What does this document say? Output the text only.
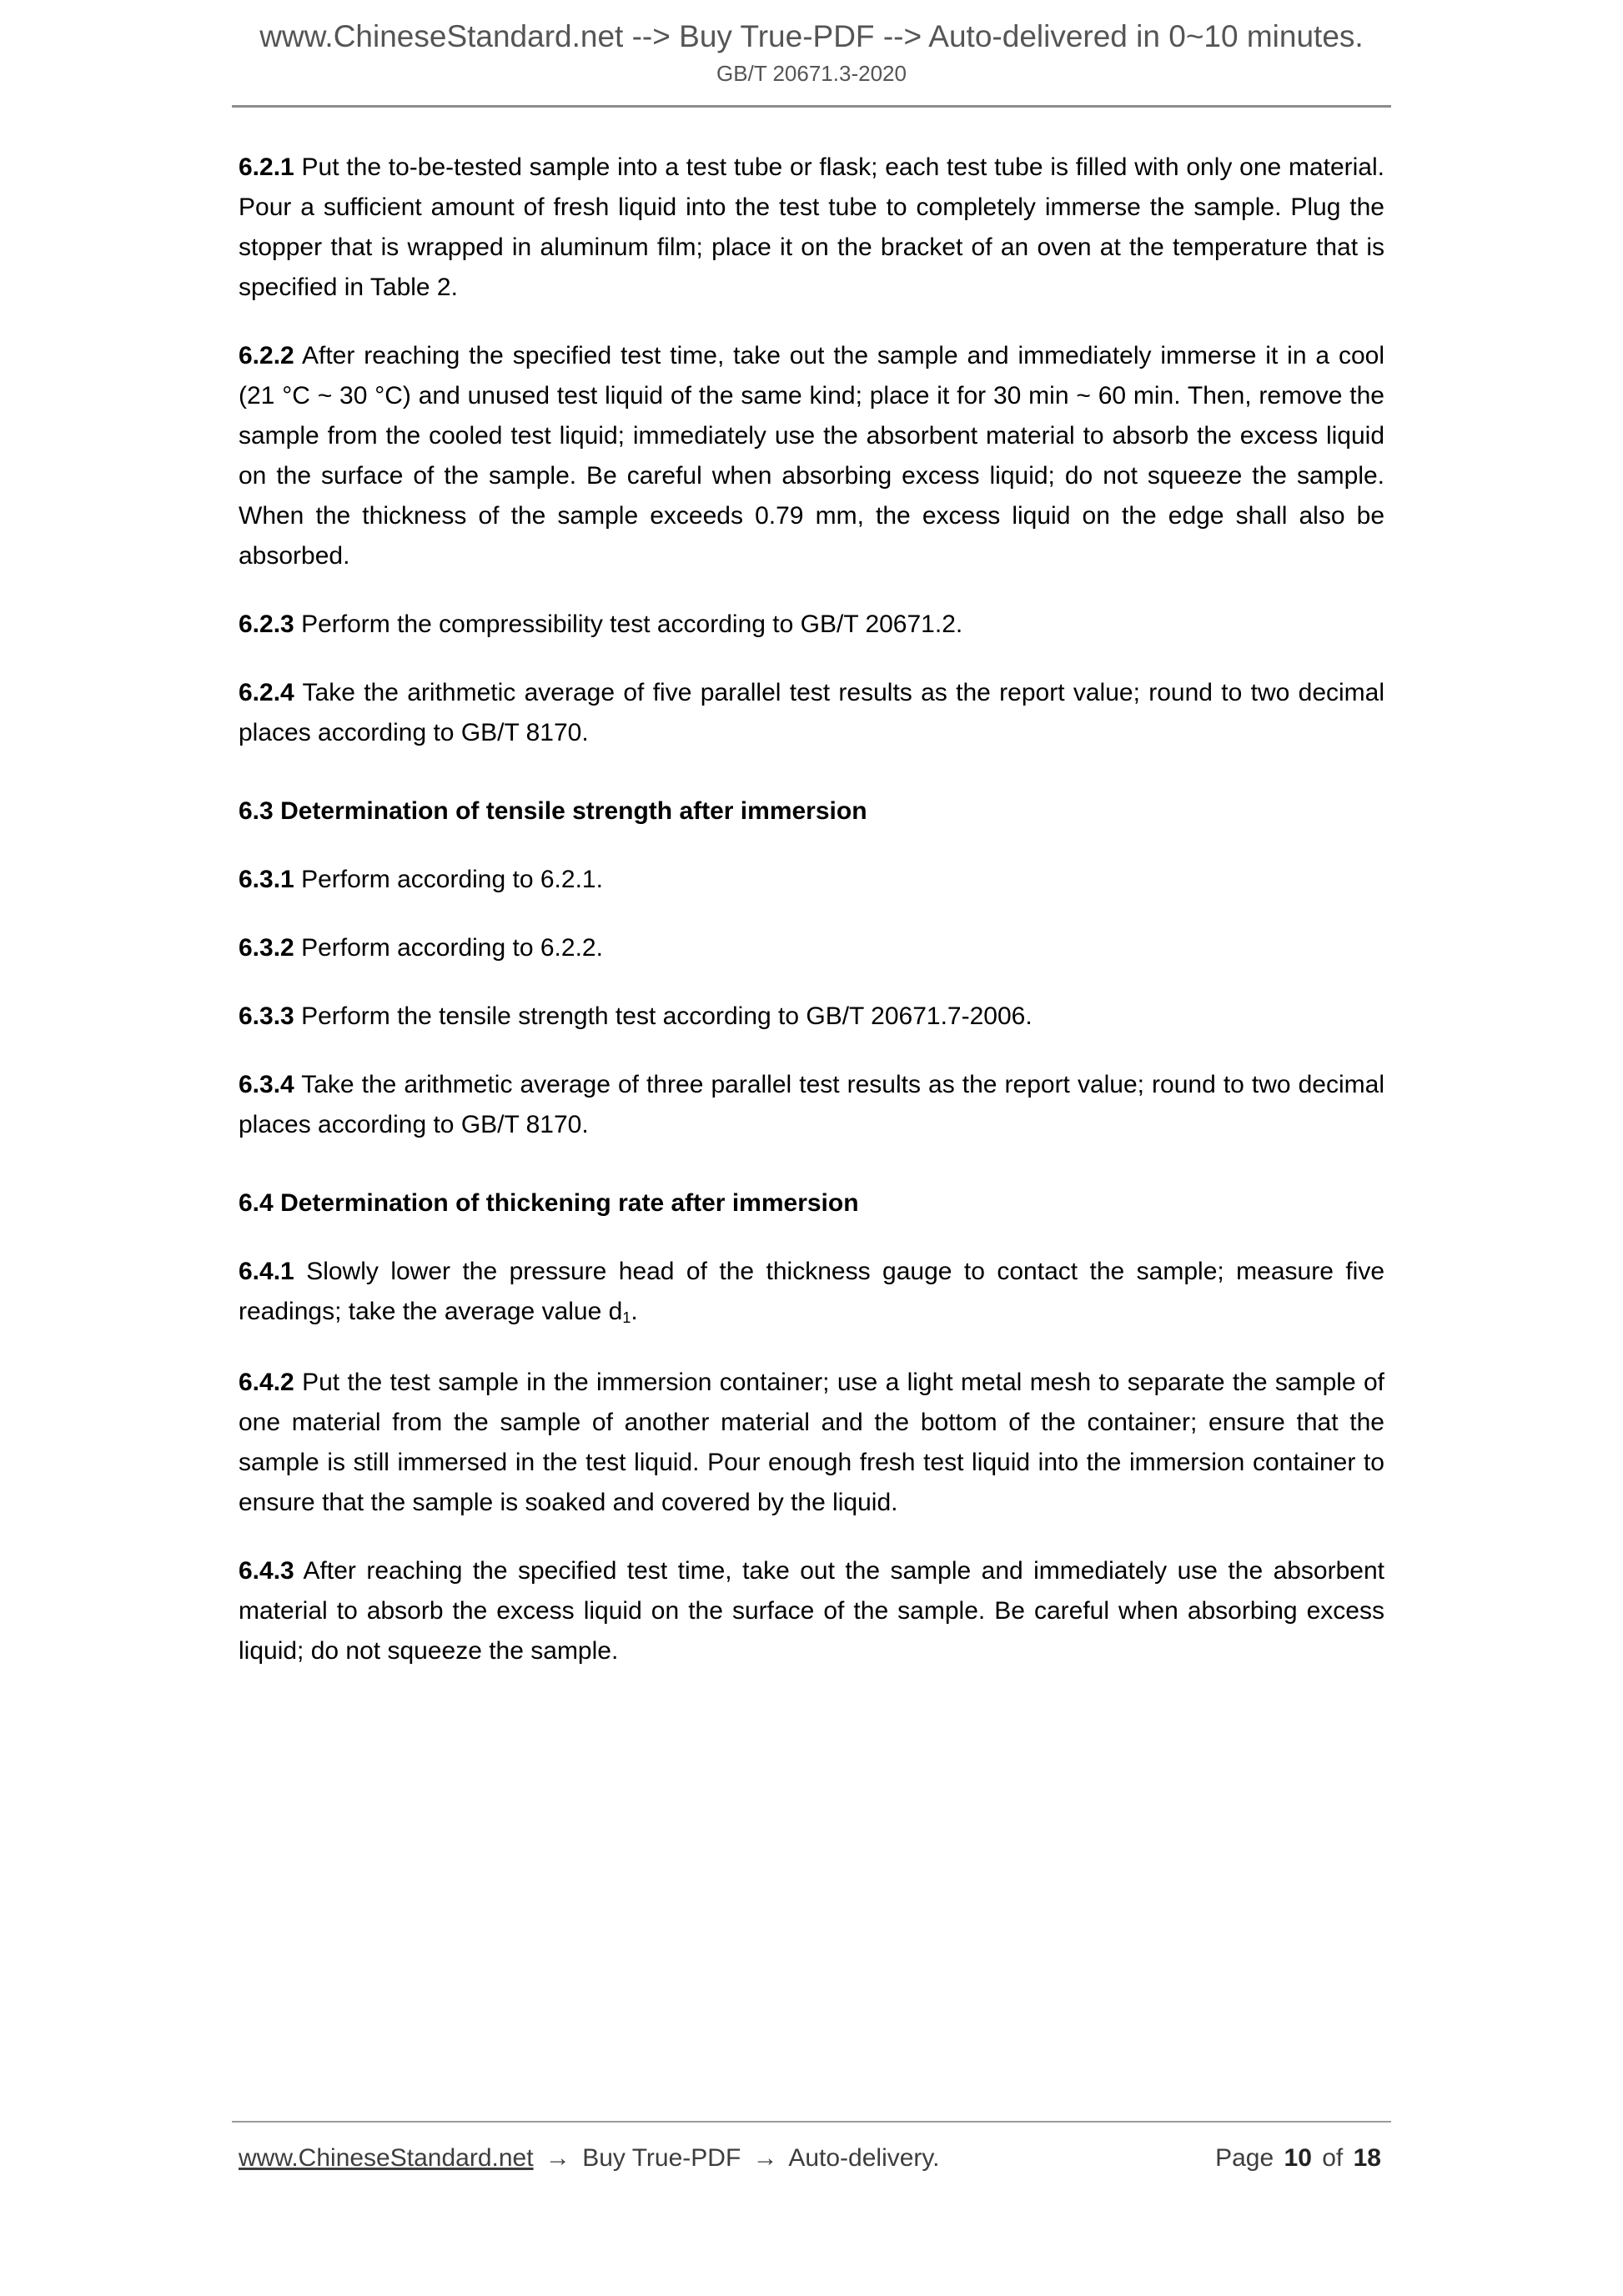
www.ChineseStandard.net --> Buy True-PDF --> Auto-delivered in 0~10 minutes.
GB/T 20671.3-2020

6.2.1 Put the to-be-tested sample into a test tube or flask; each test tube is filled with only one material. Pour a sufficient amount of fresh liquid into the test tube to completely immerse the sample. Plug the stopper that is wrapped in aluminum film; place it on the bracket of an oven at the temperature that is specified in Table 2.

6.2.2 After reaching the specified test time, take out the sample and immediately immerse it in a cool (21 °C ~ 30 °C) and unused test liquid of the same kind; place it for 30 min ~ 60 min. Then, remove the sample from the cooled test liquid; immediately use the absorbent material to absorb the excess liquid on the surface of the sample. Be careful when absorbing excess liquid; do not squeeze the sample. When the thickness of the sample exceeds 0.79 mm, the excess liquid on the edge shall also be absorbed.

6.2.3 Perform the compressibility test according to GB/T 20671.2.

6.2.4 Take the arithmetic average of five parallel test results as the report value; round to two decimal places according to GB/T 8170.

6.3 Determination of tensile strength after immersion

6.3.1 Perform according to 6.2.1.

6.3.2 Perform according to 6.2.2.

6.3.3 Perform the tensile strength test according to GB/T 20671.7-2006.

6.3.4 Take the arithmetic average of three parallel test results as the report value; round to two decimal places according to GB/T 8170.

6.4 Determination of thickening rate after immersion

6.4.1 Slowly lower the pressure head of the thickness gauge to contact the sample; measure five readings; take the average value $d_1$.

6.4.2 Put the test sample in the immersion container; use a light metal mesh to separate the sample of one material from the sample of another material and the bottom of the container; ensure that the sample is still immersed in the test liquid. Pour enough fresh test liquid into the immersion container to ensure that the sample is soaked and covered by the liquid.

6.4.3 After reaching the specified test time, take out the sample and immediately use the absorbent material to absorb the excess liquid on the surface of the sample. Be careful when absorbing excess liquid; do not squeeze the sample.

www.ChineseStandard.net → Buy True-PDF → Auto-delivery.	Page 10 of 18
